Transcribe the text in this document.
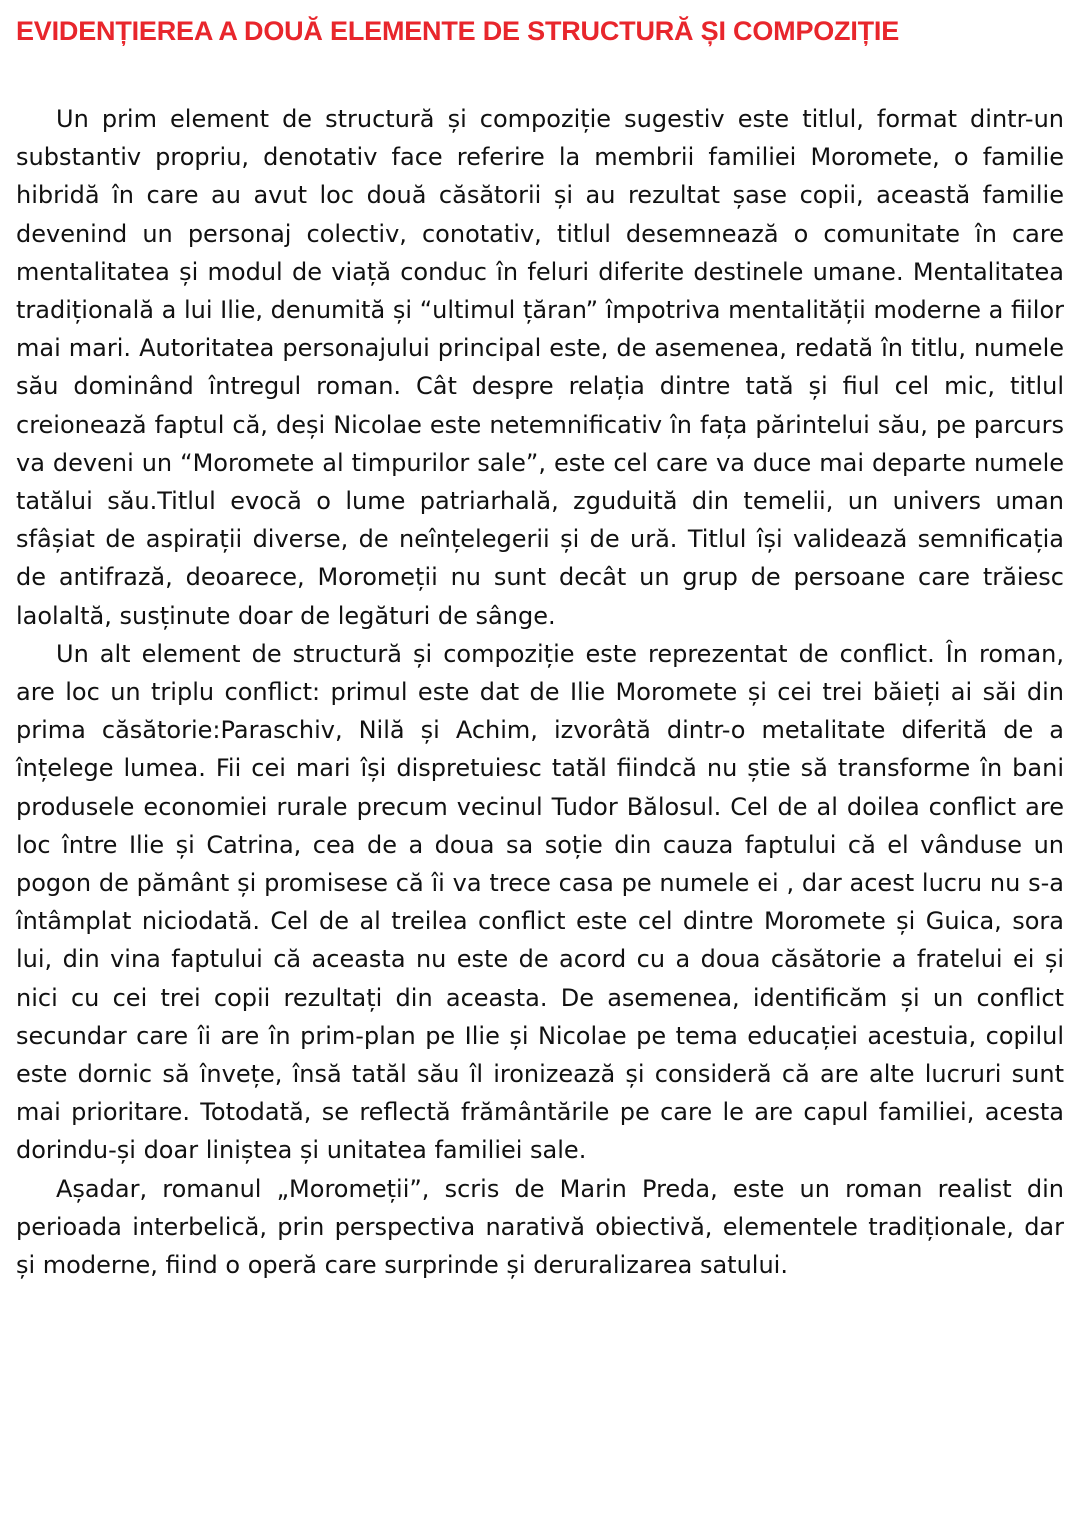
EVIDENȚIEREA A DOUĂ ELEMENTE DE STRUCTURĂ ȘI COMPOZIȚIE

Un prim element de structură și compoziție sugestiv este titlul, format dintr-un substantiv propriu, denotativ face referire la membrii familiei Moromete, o familie hibridă în care au avut loc două căsătorii și au rezultat șase copii, această familie devenind un personaj colectiv, conotativ, titlul desemnează o comunitate în care mentalitatea și modul de viață conduc în feluri diferite destinele umane. Mentalitatea tradițională a lui Ilie, denumită și “ultimul țăran” împotriva mentalității moderne a fiilor mai mari. Autoritatea personajului principal este, de asemenea, redată în titlu, numele său dominând întregul roman. Cât despre relația dintre tată și fiul cel mic, titlul creionează faptul că, deși Nicolae este netemnificativ în fața părintelui său, pe parcurs va deveni un “Moromete al timpurilor sale”, este cel care va duce mai departe numele tatălui său.Titlul evocă o lume patriarhală, zguduită din temelii, un univers uman sfâșiat de aspirații diverse, de neînțelegerii și de ură. Titlul își validează semnificația de antifrază, deoarece, Moromeții nu sunt decât un grup de persoane care trăiesc laolaltă, susținute doar de legături de sânge.

Un alt element de structură și compoziție este reprezentat de conflict. În roman, are loc un triplu conflict: primul este dat de Ilie Moromete și cei trei băieți ai săi din prima căsătorie:Paraschiv, Nilă și Achim, izvorâtă dintr-o metalitate diferită de a înțelege lumea. Fii cei mari își dispretuiesc tatăl fiindcă nu știe să transforme în bani produsele economiei rurale precum vecinul Tudor Bălosul. Cel de al doilea conflict are loc între Ilie și Catrina, cea de a doua sa soție din cauza faptului că el vânduse un pogon de pământ și promisese că îi va trece casa pe numele ei , dar acest lucru nu s-a întâmplat niciodată. Cel de al treilea conflict este cel dintre Moromete și Guica, sora lui, din vina faptului că aceasta nu este de acord cu a doua căsătorie a fratelui ei și nici cu cei trei copii rezultați din aceasta. De asemenea, identificăm și un conflict secundar care îi are în prim-plan pe Ilie și Nicolae pe tema educației acestuia, copilul este dornic să învețe, însă tatăl său îl ironizează și consideră că are alte lucruri sunt mai prioritare. Totodată, se reflectă frământările pe care le are capul familiei, acesta dorindu-și doar liniștea și unitatea familiei sale.

Așadar, romanul „Moromeții”, scris de Marin Preda, este un roman realist din perioada interbelică, prin perspectiva narativă obiectivă, elementele tradiționale, dar și moderne, fiind o operă care surprinde și deruralizarea satului.
